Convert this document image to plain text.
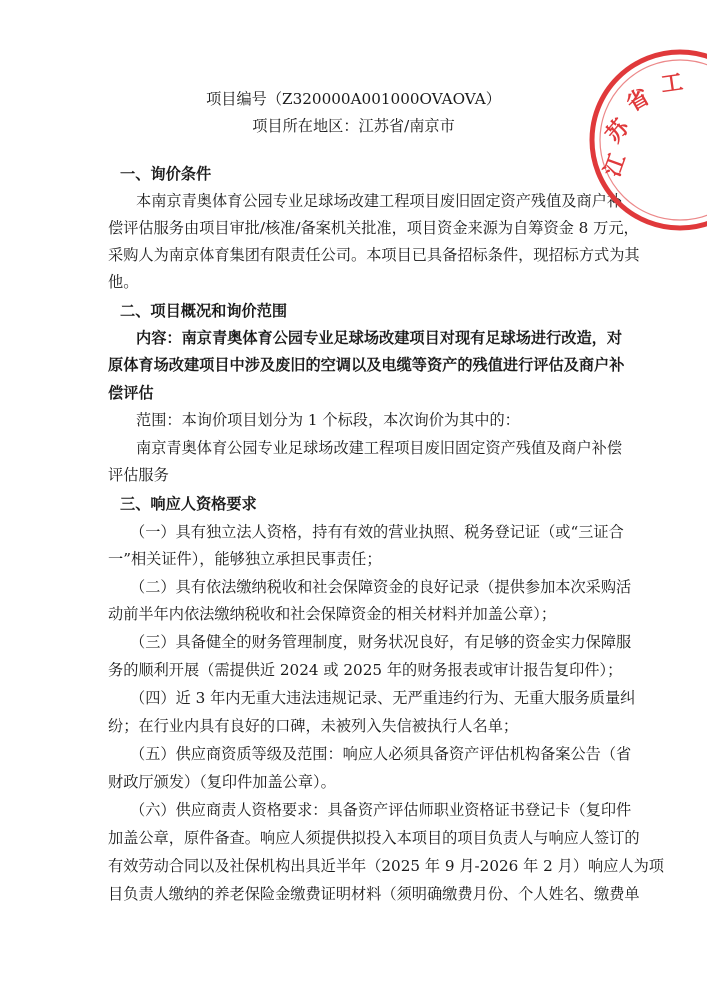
项目编号（Z320000A001000OVAOVA）
项目所在地区：江苏省/南京市
一、询价条件
本南京青奥体育公园专业足球场改建工程项目废旧固定资产残值及商户补
偿评估服务由项目审批/核准/备案机关批准，项目资金来源为自筹资金 8 万元，
采购人为南京体育集团有限责任公司。本项目已具备招标条件，现招标方式为其
他。
二、项目概况和询价范围
内容：南京青奥体育公园专业足球场改建项目对现有足球场进行改造，对
原体育场改建项目中涉及废旧的空调以及电缆等资产的残值进行评估及商户补
偿评估
范围：本询价项目划分为 1 个标段，本次询价为其中的：
南京青奥体育公园专业足球场改建工程项目废旧固定资产残值及商户补偿
评估服务
三、响应人资格要求
（一）具有独立法人资格，持有有效的营业执照、税务登记证（或“三证合
一”相关证件），能够独立承担民事责任；
（二）具有依法缴纳税收和社会保障资金的良好记录（提供参加本次采购活
动前半年内依法缴纳税收和社会保障资金的相关材料并加盖公章）；
（三）具备健全的财务管理制度，财务状况良好，有足够的资金实力保障服
务的顺利开展（需提供近 2024 或 2025 年的财务报表或审计报告复印件）；
（四）近 3 年内无重大违法违规记录、无严重违约行为、无重大服务质量纠
纷；在行业内具有良好的口碑，未被列入失信被执行人名单；
（五）供应商资质等级及范围：响应人必须具备资产评估机构备案公告（省
财政厅颁发）（复印件加盖公章）。
（六）供应商责人资格要求：具备资产评估师职业资格证书登记卡（复印件
加盖公章，原件备查。响应人须提供拟投入本项目的项目负责人与响应人签订的
有效劳动合同以及社保机构出具近半年（2025 年 9 月-2026 年 2 月）响应人为项
目负责人缴纳的养老保险金缴费证明材料（须明确缴费月份、个人姓名、缴费单
江
苏
省
工
